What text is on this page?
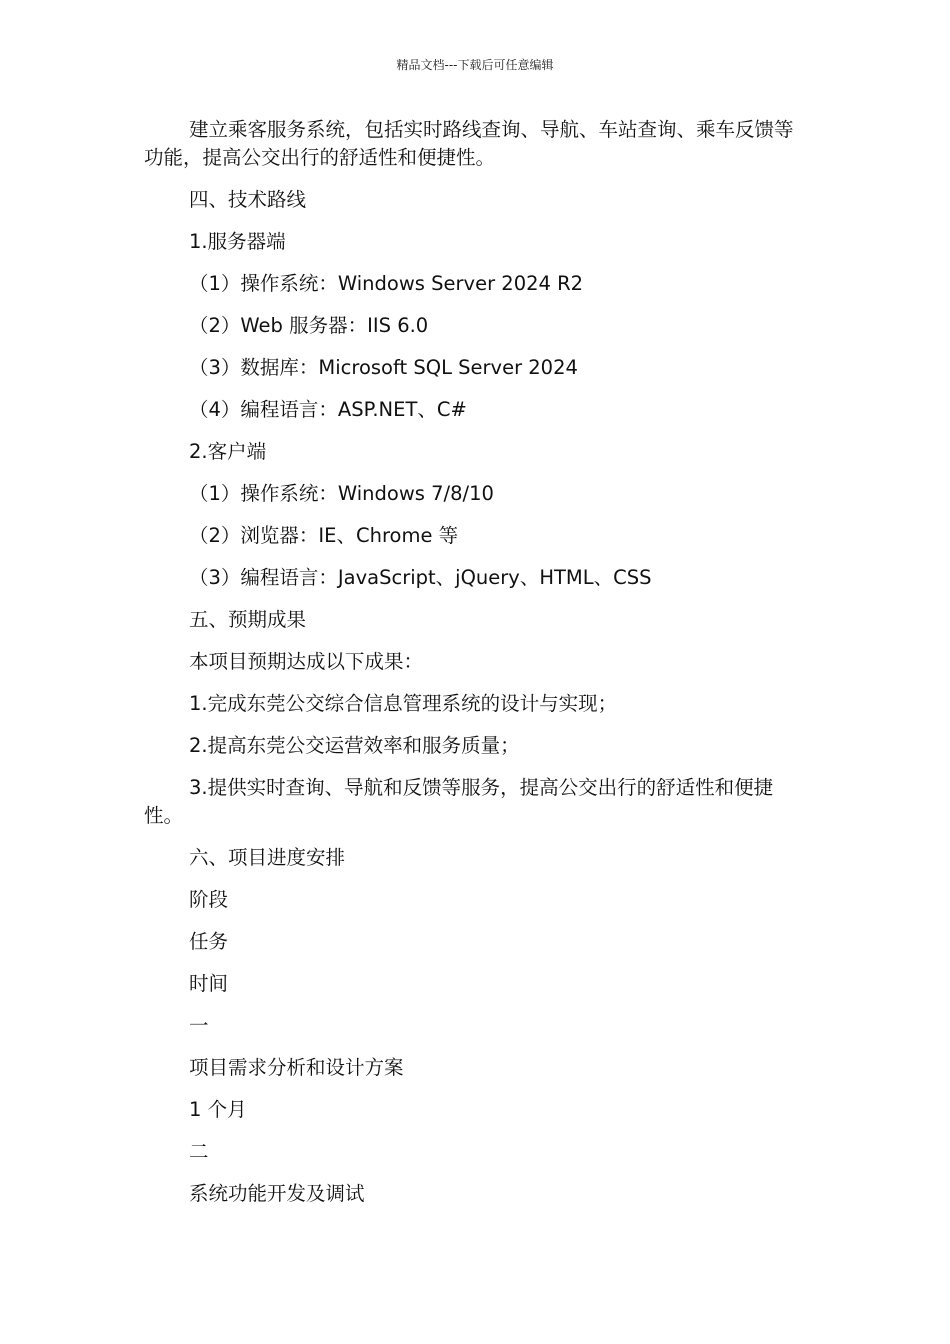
精品文档---下载后可任意编辑

建立乘客服务系统，包括实时路线查询、导航、车站查询、乘车反馈等功能，提高公交出行的舒适性和便捷性。

四、技术路线

1.服务器端

（1）操作系统：Windows Server 2024 R2

（2）Web 服务器：IIS 6.0

（3）数据库：Microsoft SQL Server 2024

（4）编程语言：ASP.NET、C#

2.客户端

（1）操作系统：Windows 7/8/10

（2）浏览器：IE、Chrome 等

（3）编程语言：JavaScript、jQuery、HTML、CSS

五、预期成果

本项目预期达成以下成果：

1.完成东莞公交综合信息管理系统的设计与实现；

2.提高东莞公交运营效率和服务质量；

3.提供实时查询、导航和反馈等服务，提高公交出行的舒适性和便捷性。

六、项目进度安排

阶段

任务

时间

一

项目需求分析和设计方案

1 个月

二

系统功能开发及调试
